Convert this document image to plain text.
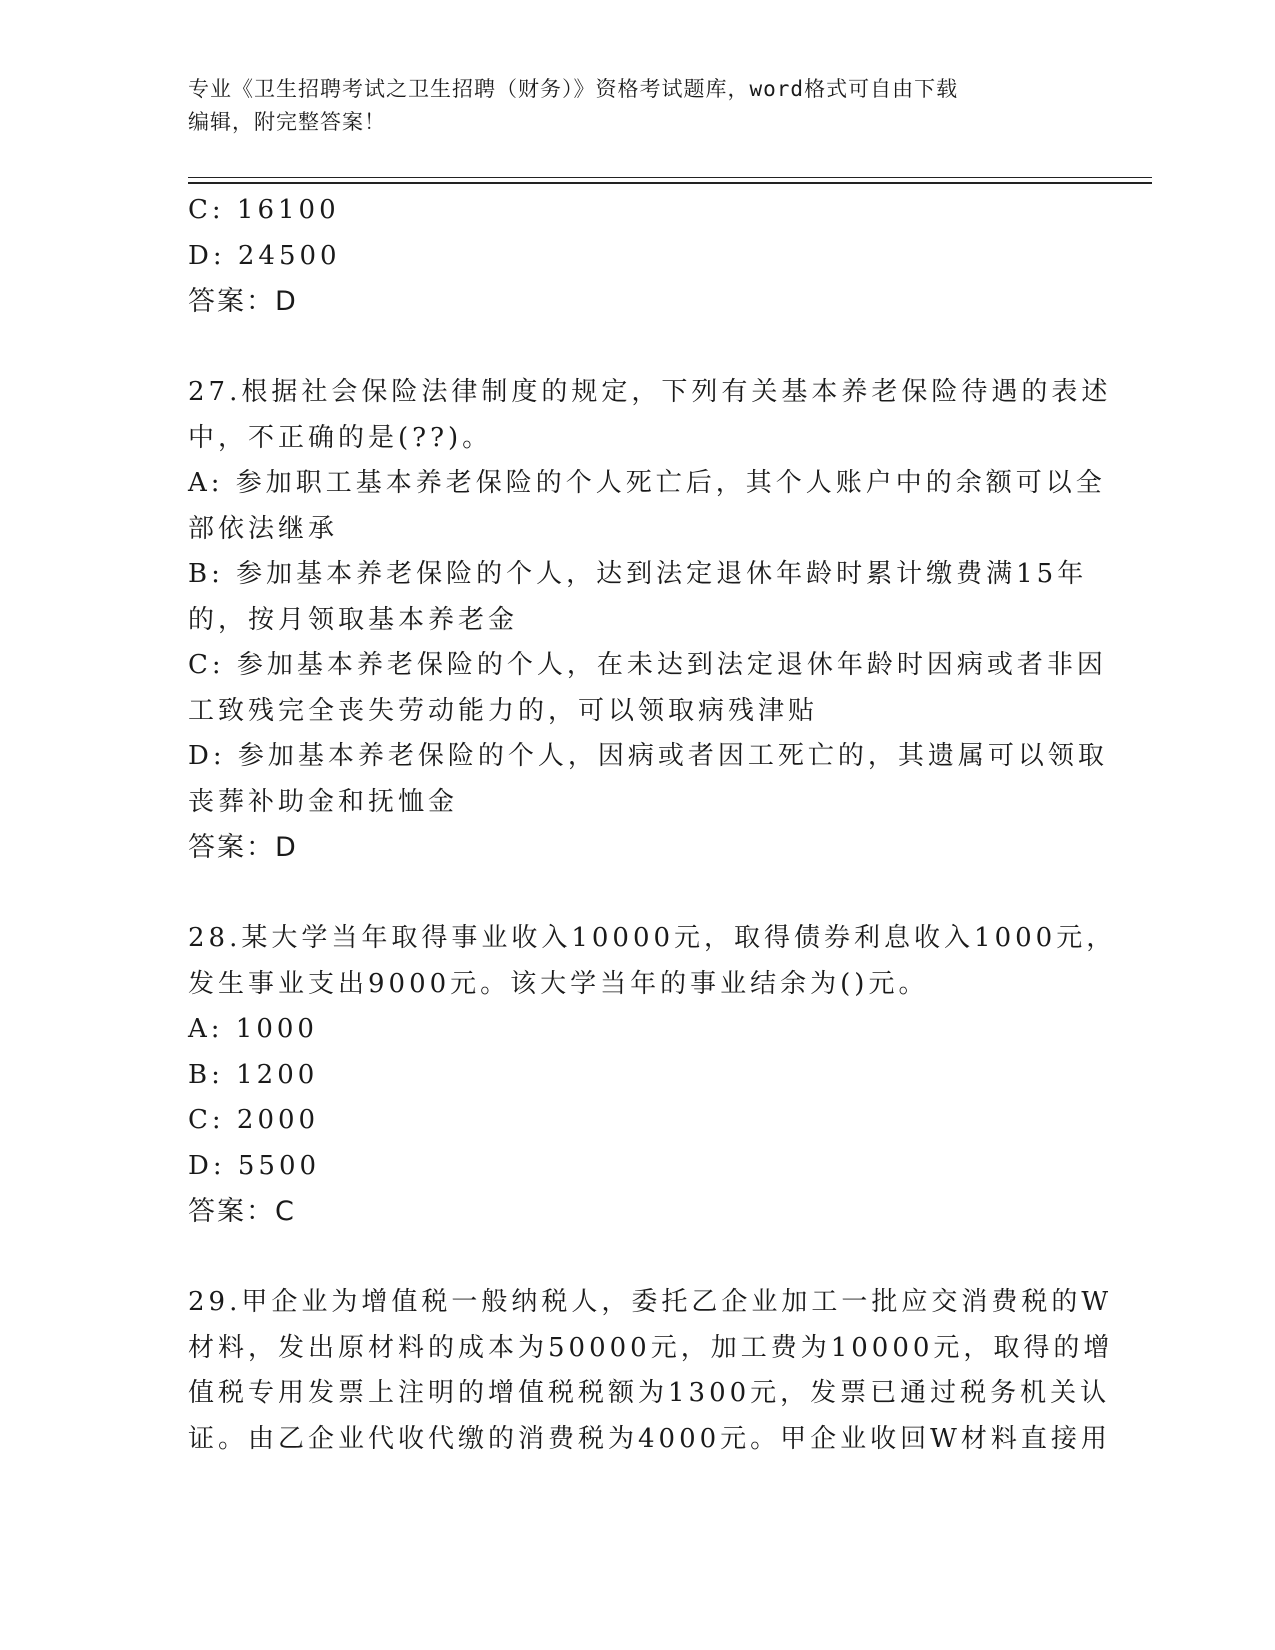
专业《卫生招聘考试之卫生招聘（财务）》资格考试题库，word格式可自由下载
编辑，附完整答案！
C: 16100
D: 24500
答案：D
27.根据社会保险法律制度的规定，下列有关基本养老保险待遇的表述
中，不正确的是(??)。
A: 参加职工基本养老保险的个人死亡后，其个人账户中的余额可以全
部依法继承
B: 参加基本养老保险的个人，达到法定退休年龄时累计缴费满15年
的，按月领取基本养老金
C: 参加基本养老保险的个人，在未达到法定退休年龄时因病或者非因
工致残完全丧失劳动能力的，可以领取病残津贴
D: 参加基本养老保险的个人，因病或者因工死亡的，其遗属可以领取
丧葬补助金和抚恤金
答案：D
28.某大学当年取得事业收入10000元，取得债券利息收入1000元，
发生事业支出9000元。该大学当年的事业结余为()元。
A: 1000
B: 1200
C: 2000
D: 5500
答案：C
29.甲企业为增值税一般纳税人，委托乙企业加工一批应交消费税的W
材料，发出原材料的成本为50000元，加工费为10000元，取得的增
值税专用发票上注明的增值税税额为1300元，发票已通过税务机关认
证。由乙企业代收代缴的消费税为4000元。甲企业收回W材料直接用
